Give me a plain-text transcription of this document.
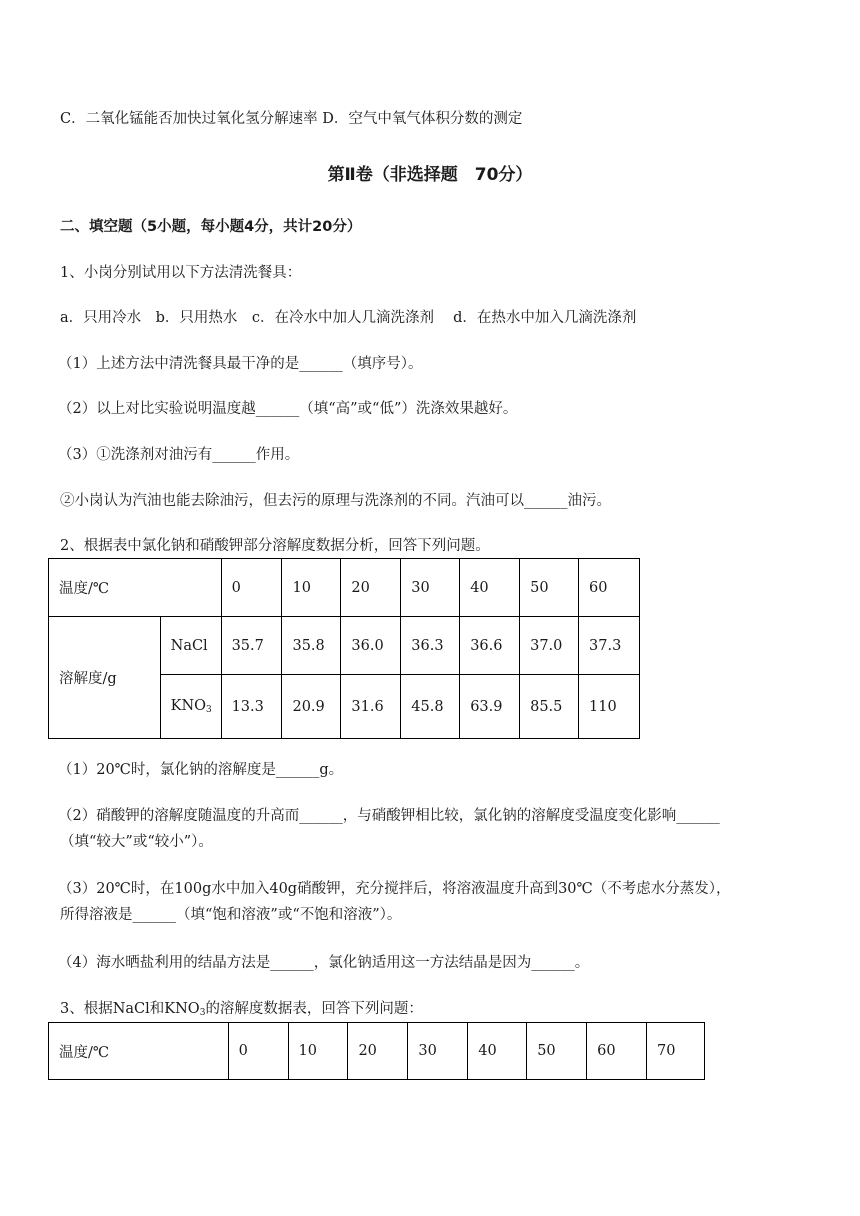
C．二氧化锰能否加快过氧化氢分解速率 D．空气中氧气体积分数的测定
第Ⅱ卷（非选择题　70分）
二、填空题（5小题，每小题4分，共计20分）
1、小岗分别试用以下方法清洗餐具：
a．只用冷水　b．只用热水　c．在冷水中加人几滴洗涤剂　 d．在热水中加入几滴洗涤剂
（1）上述方法中清洗餐具最干净的是______（填序号）。
（2）以上对比实验说明温度越______（填“高”或“低”）洗涤效果越好。
（3）①洗涤剂对油污有______作用。
②小岗认为汽油也能去除油污，但去污的原理与洗涤剂的不同。汽油可以______油污。
2、根据表中氯化钠和硝酸钾部分溶解度数据分析，回答下列问题。
温度/℃		0	10	20	30	40	50	60
溶解度/g	NaCl	35.7	35.8	36.0	36.3	36.6	37.0	37.3
	$KNO_3$	13.3	20.9	31.6	45.8	63.9	85.5	110
（1）20℃时，氯化钠的溶解度是______g。
（2）硝酸钾的溶解度随温度的升高而______，与硝酸钾相比较，氯化钠的溶解度受温度变化影响______
（填“较大”或“较小”）。
（3）20℃时，在100g水中加入40g硝酸钾，充分搅拌后，将溶液温度升高到30℃（不考虑水分蒸发），
所得溶液是______（填“饱和溶液”或“不饱和溶液”）。
（4）海水晒盐利用的结晶方法是______，氯化钠适用这一方法结晶是因为______。
3、根据NaCl和$KNO_3$的溶解度数据表，回答下列问题：
温度/℃	0	10	20	30	40	50	60	70
